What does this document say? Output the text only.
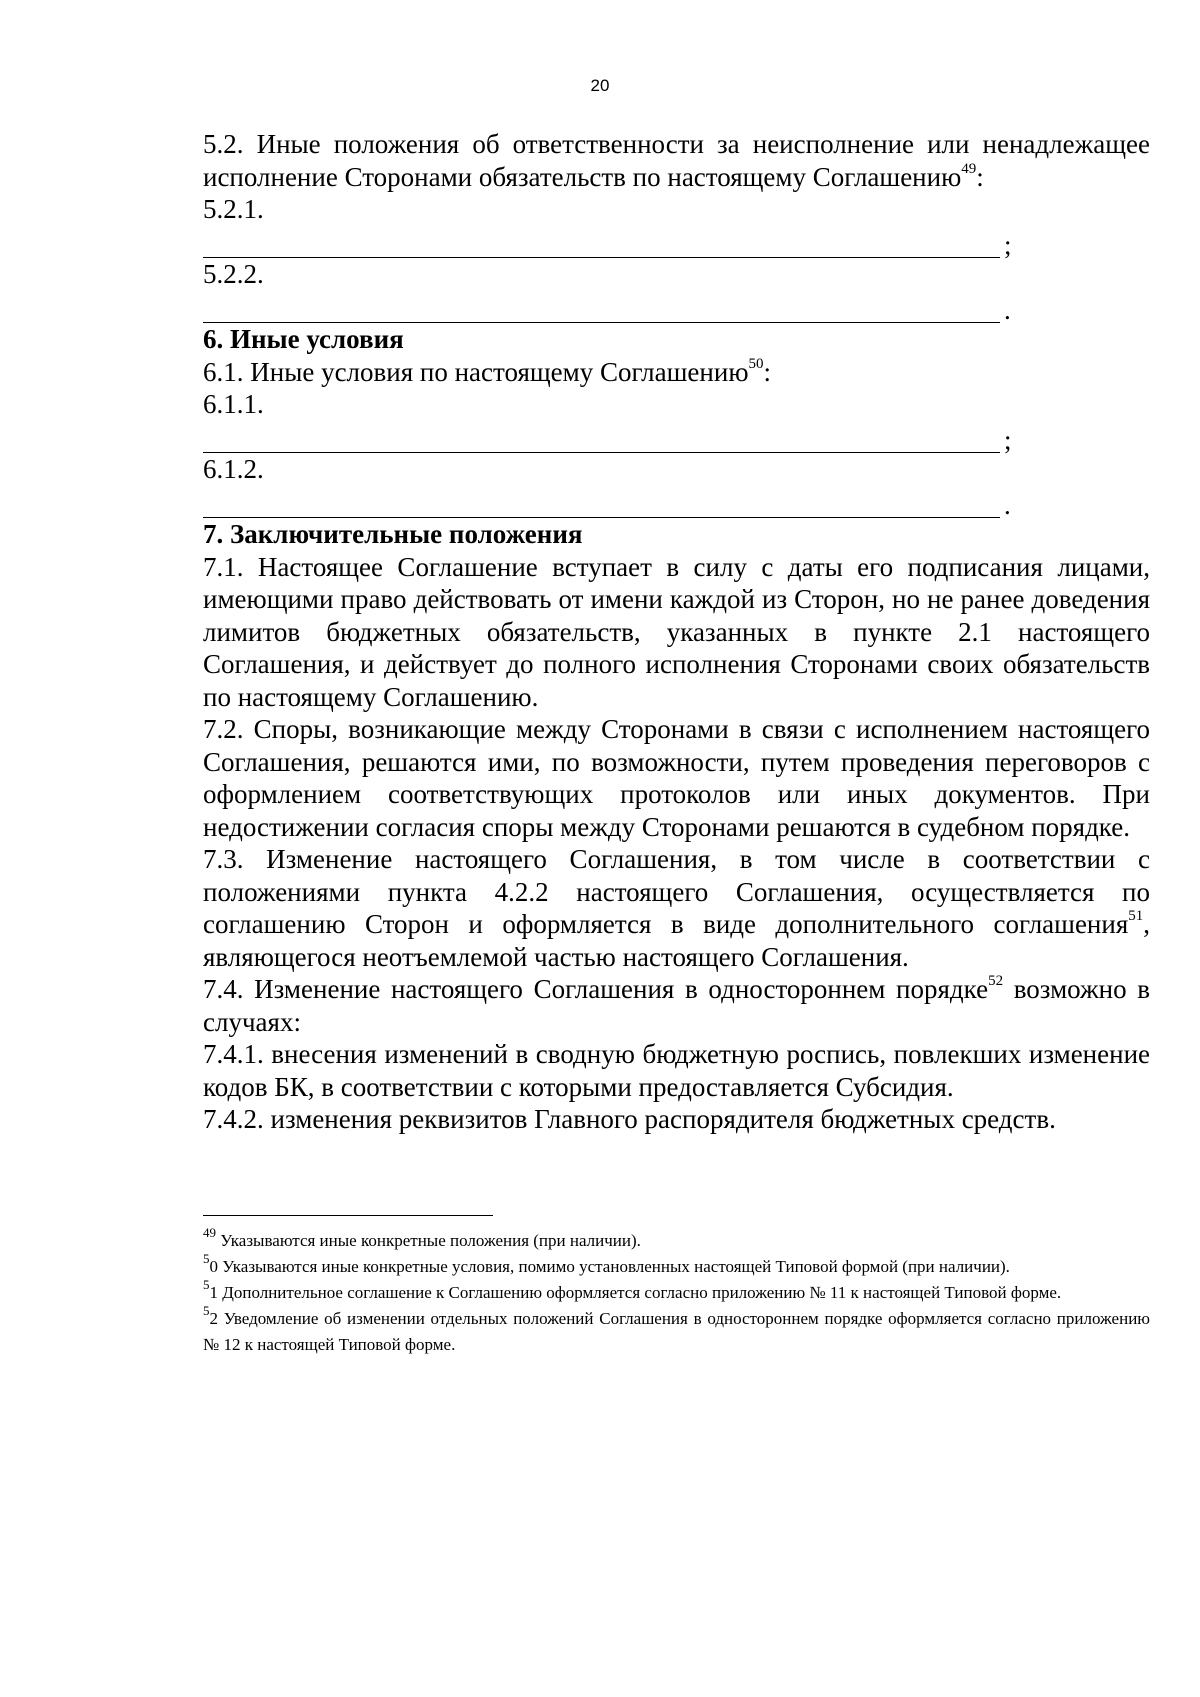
20

5.2. Иные положения об ответственности за неисполнение или ненадлежащее исполнение Сторонами обязательств по настоящему Соглашению$^{49}$:

5.2.1.

;

5.2.2.

.

6. Иные условия

6.1. Иные условия по настоящему Соглашению$^{50}$:

6.1.1.

;

6.1.2.

.

7. Заключительные положения

7.1. Настоящее Соглашение вступает в силу с даты его подписания лицами, имеющими право действовать от имени каждой из Сторон, но не ранее доведения лимитов бюджетных обязательств, указанных в пункте 2.1 настоящего Соглашения, и действует до полного исполнения Сторонами своих обязательств по настоящему Соглашению.

7.2. Споры, возникающие между Сторонами в связи с исполнением настоящего Соглашения, решаются ими, по возможности, путем проведения переговоров с оформлением соответствующих протоколов или иных документов. При недостижении согласия споры между Сторонами решаются в судебном порядке.

7.3. Изменение настоящего Соглашения, в том числе в соответствии с положениями пункта 4.2.2 настоящего Соглашения, осуществляется по соглашению Сторон и оформляется в виде дополнительного соглашения$^{51}$, являющегося неотъемлемой частью настоящего Соглашения.

7.4. Изменение настоящего Соглашения в одностороннем порядке$^{52}$ возможно в случаях:

7.4.1. внесения изменений в сводную бюджетную роспись, повлекших изменение кодов БК, в соответствии с которыми предоставляется Субсидия.

7.4.2. изменения реквизитов Главного распорядителя бюджетных средств.

$^{49}$ Указываются иные конкретные положения (при наличии).

$^5$0 Указываются иные конкретные условия, помимо установленных настоящей Типовой формой (при наличии).

$^5$1 Дополнительное соглашение к Соглашению оформляется согласно приложению № 11 к настоящей Типовой форме.

$^5$2 Уведомление об изменении отдельных положений Соглашения в одностороннем порядке оформляется согласно приложению № 12 к настоящей Типовой форме.
